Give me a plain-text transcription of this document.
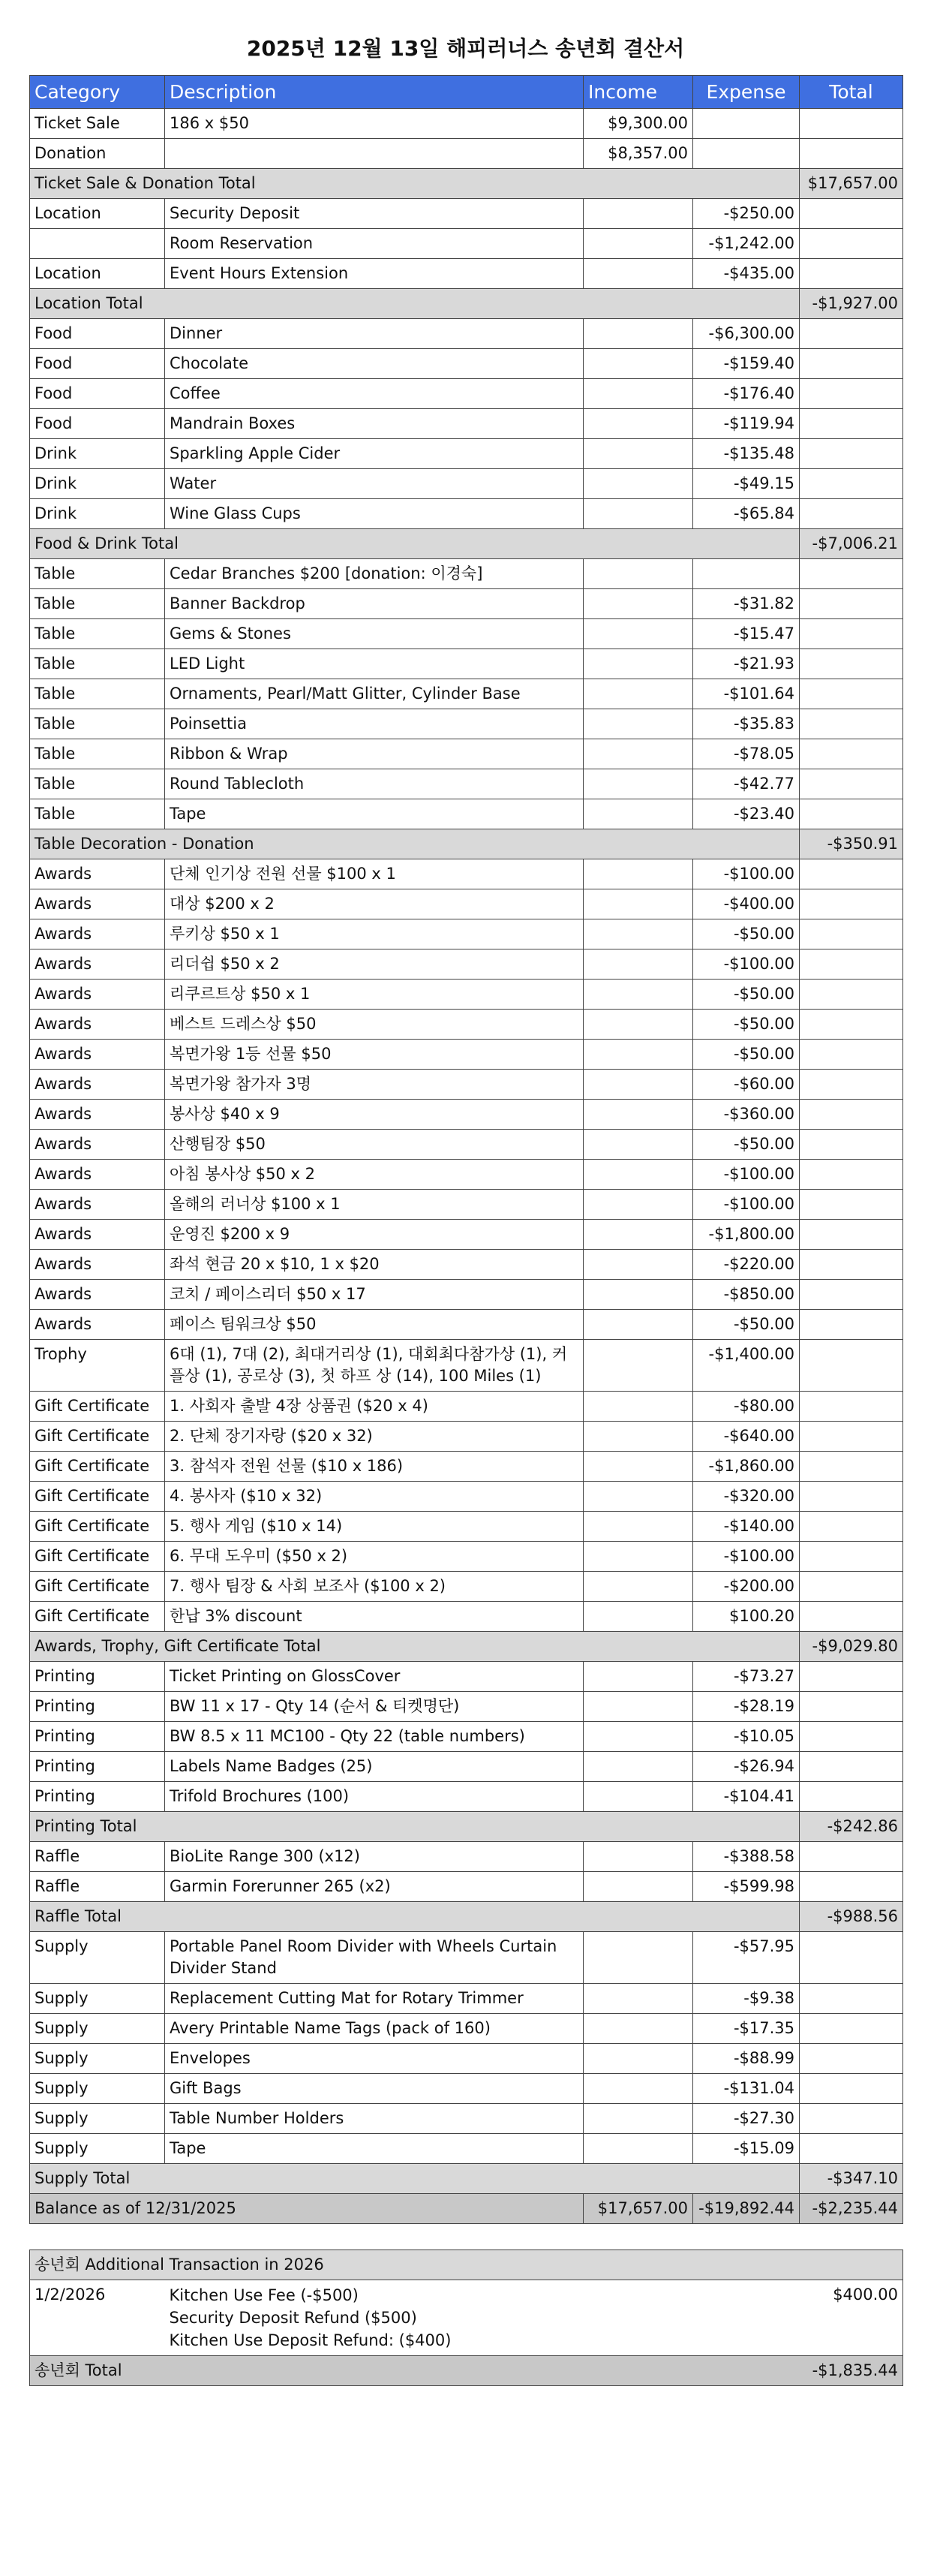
2025년 12월 13일 해피러너스 송년회 결산서
Category	Description	Income	Expense	Total
Ticket Sale	186 x $50	$9,300.00		
Donation		$8,357.00		
Ticket Sale & Donation Total				$17,657.00
Location	Security Deposit		-$250.00	
	Room Reservation		-$1,242.00	
Location	Event Hours Extension		-$435.00	
Location Total				-$1,927.00
Food	Dinner		-$6,300.00	
Food	Chocolate		-$159.40	
Food	Coffee		-$176.40	
Food	Mandrain Boxes		-$119.94	
Drink	Sparkling Apple Cider		-$135.48	
Drink	Water		-$49.15	
Drink	Wine Glass Cups		-$65.84	
Food & Drink Total				-$7,006.21
Table	Cedar Branches $200 [donation: 이경숙]			
Table	Banner Backdrop		-$31.82	
Table	Gems & Stones		-$15.47	
Table	LED Light		-$21.93	
Table	Ornaments, Pearl/Matt Glitter, Cylinder Base		-$101.64	
Table	Poinsettia		-$35.83	
Table	Ribbon & Wrap		-$78.05	
Table	Round Tablecloth		-$42.77	
Table	Tape		-$23.40	
Table Decoration - Donation				-$350.91
Awards	단체 인기상 전원 선물 $100 x 1		-$100.00	
Awards	대상 $200 x 2		-$400.00	
Awards	루키상 $50 x 1		-$50.00	
Awards	리더쉽 $50 x 2		-$100.00	
Awards	리쿠르트상 $50 x 1		-$50.00	
Awards	베스트 드레스상 $50		-$50.00	
Awards	복면가왕 1등 선물 $50		-$50.00	
Awards	복면가왕 참가자 3명		-$60.00	
Awards	봉사상 $40 x 9		-$360.00	
Awards	산행팀장 $50		-$50.00	
Awards	아침 봉사상 $50 x 2		-$100.00	
Awards	올해의 러너상 $100 x 1		-$100.00	
Awards	운영진 $200 x 9		-$1,800.00	
Awards	좌석 현금 20 x $10, 1 x $20		-$220.00	
Awards	코치 / 페이스리더 $50 x 17		-$850.00	
Awards	페이스 팀워크상 $50		-$50.00	
Trophy	6대 (1), 7대 (2), 최대거리상 (1), 대회최다참가상 (1), 커플상 (1), 공로상 (3), 첫 하프 상 (14), 100 Miles (1)		-$1,400.00	
Gift Certificate	1. 사회자 출발 4장 상품권 ($20 x 4)		-$80.00	
Gift Certificate	2. 단체 장기자랑 ($20 x 32)		-$640.00	
Gift Certificate	3. 참석자 전원 선물 ($10 x 186)		-$1,860.00	
Gift Certificate	4. 봉사자 ($10 x 32)		-$320.00	
Gift Certificate	5. 행사 게임 ($10 x 14)		-$140.00	
Gift Certificate	6. 무대 도우미 ($50 x 2)		-$100.00	
Gift Certificate	7. 행사 팀장 & 사회 보조사 ($100 x 2)		-$200.00	
Gift Certificate	한납 3% discount		$100.20	
Awards, Trophy, Gift Certificate Total				-$9,029.80
Printing	Ticket Printing on GlossCover		-$73.27	
Printing	BW 11 x 17 - Qty 14 (순서 & 티켓명단)		-$28.19	
Printing	BW 8.5 x 11 MC100 - Qty 22 (table numbers)		-$10.05	
Printing	Labels Name Badges (25)		-$26.94	
Printing	Trifold Brochures (100)		-$104.41	
Printing Total				-$242.86
Raffle	BioLite Range 300 (x12)		-$388.58	
Raffle	Garmin Forerunner 265 (x2)		-$599.98	
Raffle Total				-$988.56
Supply	Portable Panel Room Divider with Wheels Curtain Divider Stand		-$57.95	
Supply	Replacement Cutting Mat for Rotary Trimmer		-$9.38	
Supply	Avery Printable Name Tags (pack of 160)		-$17.35	
Supply	Envelopes		-$88.99	
Supply	Gift Bags		-$131.04	
Supply	Table Number Holders		-$27.30	
Supply	Tape		-$15.09	
Supply Total				-$347.10
Balance as of 12/31/2025		$17,657.00	-$19,892.44	-$2,235.44
송년회 Additional Transaction in 2026		
1/2/2026	Kitchen Use Fee (-$500)
Security Deposit Refund ($500)
Kitchen Use Deposit Refund: ($400)	$400.00
송년회 Total		-$1,835.44
